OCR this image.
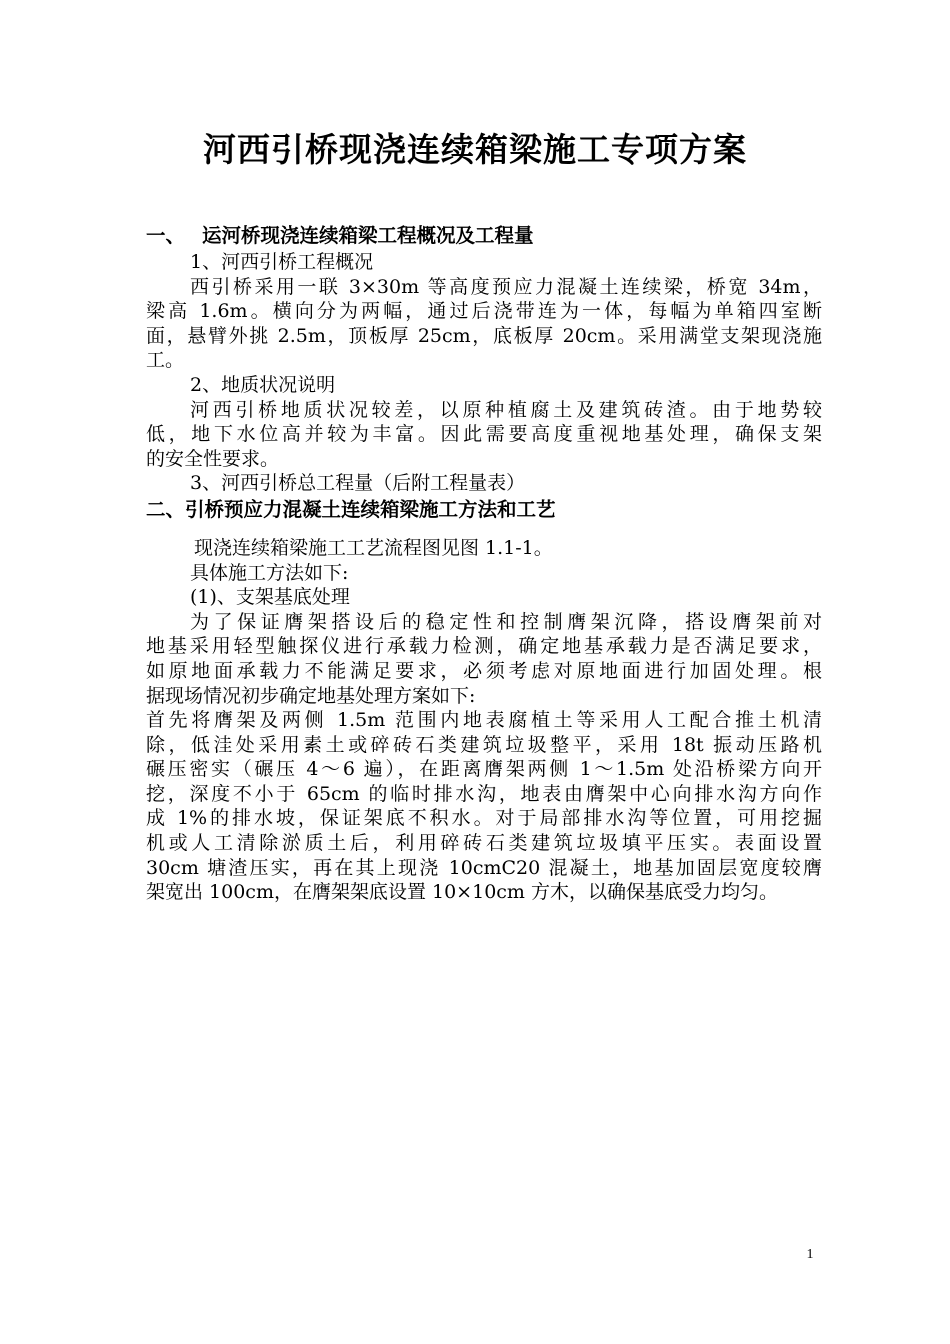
河西引桥现浇连续箱梁施工专项方案
一、 运河桥现浇连续箱梁工程概况及工程量
1、河西引桥工程概况
西引桥采用一联 3×30m 等高度预应力混凝土连续梁，桥宽 34m，
梁高 1.6m。横向分为两幅，通过后浇带连为一体，每幅为单箱四室断
面，悬臂外挑 2.5m，顶板厚 25cm，底板厚 20cm。采用满堂支架现浇施
工。
2、地质状况说明
河西引桥地质状况较差，以原种植腐土及建筑砖渣。由于地势较
低，地下水位高并较为丰富。因此需要高度重视地基处理，确保支架
的安全性要求。
3、河西引桥总工程量（后附工程量表）
二、引桥预应力混凝土连续箱梁施工方法和工艺
现浇连续箱梁施工工艺流程图见图 1.1-1。
具体施工方法如下:
(1)、支架基底处理
为了保证膺架搭设后的稳定性和控制膺架沉降，搭设膺架前对
地基采用轻型触探仪进行承载力检测，确定地基承载力是否满足要求，
如原地面承载力不能满足要求，必须考虑对原地面进行加固处理。根
据现场情况初步确定地基处理方案如下:
首先将膺架及两侧 1.5m 范围内地表腐植土等采用人工配合推土机清
除，低洼处采用素土或碎砖石类建筑垃圾整平，采用 18t 振动压路机
碾压密实（碾压 4～6 遍），在距离膺架两侧 1～1.5m 处沿桥梁方向开
挖，深度不小于 65cm 的临时排水沟，地表由膺架中心向排水沟方向作
成 1%的排水坡，保证架底不积水。对于局部排水沟等位置，可用挖掘
机或人工清除淤质土后，利用碎砖石类建筑垃圾填平压实。表面设置
30cm 塘渣压实，再在其上现浇 10cmC20 混凝土，地基加固层宽度较膺
架宽出 100cm，在膺架架底设置 10×10cm 方木，以确保基底受力均匀。
1
